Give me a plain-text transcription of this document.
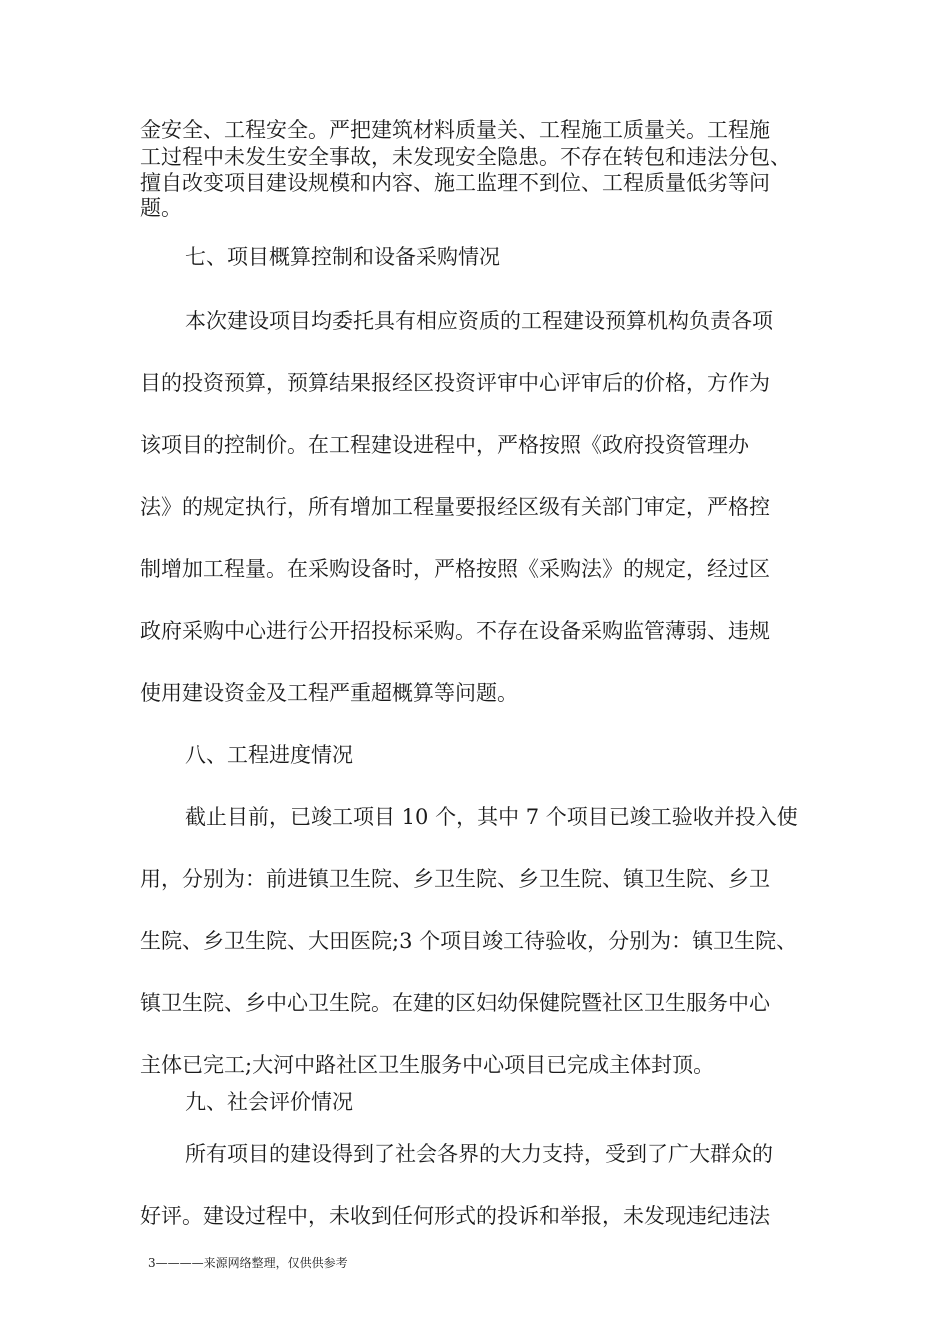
金安全、工程安全。严把建筑材料质量关、工程施工质量关。工程施
工过程中未发生安全事故，未发现安全隐患。不存在转包和违法分包、
擅自改变项目建设规模和内容、施工监理不到位、工程质量低劣等问
题。
七、项目概算控制和设备采购情况
本次建设项目均委托具有相应资质的工程建设预算机构负责各项
目的投资预算，预算结果报经区投资评审中心评审后的价格，方作为
该项目的控制价。在工程建设进程中，严格按照《政府投资管理办
法》的规定执行，所有增加工程量要报经区级有关部门审定，严格控
制增加工程量。在采购设备时，严格按照《采购法》的规定，经过区
政府采购中心进行公开招投标采购。不存在设备采购监管薄弱、违规
使用建设资金及工程严重超概算等问题。
八、工程进度情况
截止目前，已竣工项目 10 个，其中 7 个项目已竣工验收并投入使
用，分别为：前进镇卫生院、乡卫生院、乡卫生院、镇卫生院、乡卫
生院、乡卫生院、大田医院;3 个项目竣工待验收，分别为：镇卫生院、
镇卫生院、乡中心卫生院。在建的区妇幼保健院暨社区卫生服务中心
主体已完工;大河中路社区卫生服务中心项目已完成主体封顶。
九、社会评价情况
所有项目的建设得到了社会各界的大力支持，受到了广大群众的
好评。建设过程中，未收到任何形式的投诉和举报，未发现违纪违法
3————来源网络整理，仅供供参考
